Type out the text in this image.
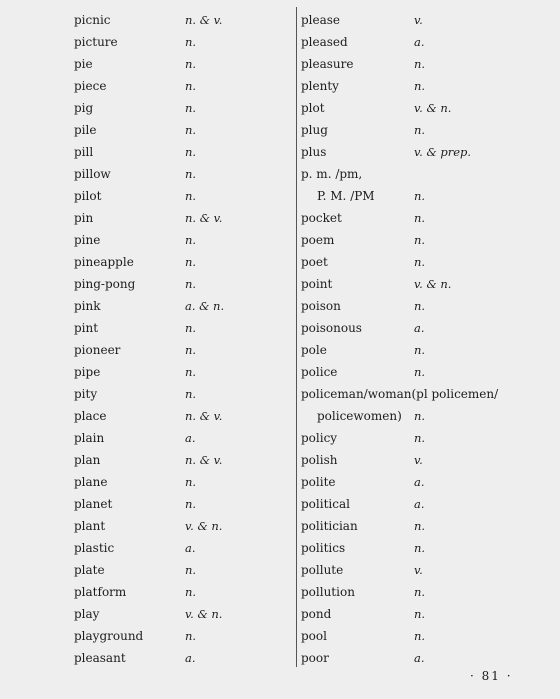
picnic	n. & v.
picture	n.
pie	n.
piece	n.
pig	n.
pile	n.
pill	n.
pillow	n.
pilot	n.
pin	n. & v.
pine	n.
pineapple	n.
ping-pong	n.
pink	a. & n.
pint	n.
pioneer	n.
pipe	n.
pity	n.
place	n. & v.
plain	a.
plan	n. & v.
plane	n.
planet	n.
plant	v. & n.
plastic	a.
plate	n.
platform	n.
play	v. & n.
playground	n.
pleasant	a.
please	v.
pleased	a.
pleasure	n.
plenty	n.
plot	v. & n.
plug	n.
plus	v. & prep.
p. m. /pm,
P. M. /PM	n.
pocket	n.
poem	n.
poet	n.
point	v. & n.
poison	n.
poisonous	a.
pole	n.
police	n.
policeman/woman(pl policemen/
policewomen) n.
policy	n.
polish	v.
polite	a.
political	a.
politician	n.
politics	n.
pollute	v.
pollution	n.
pond	n.
pool	n.
poor	a.
· 81 ·
